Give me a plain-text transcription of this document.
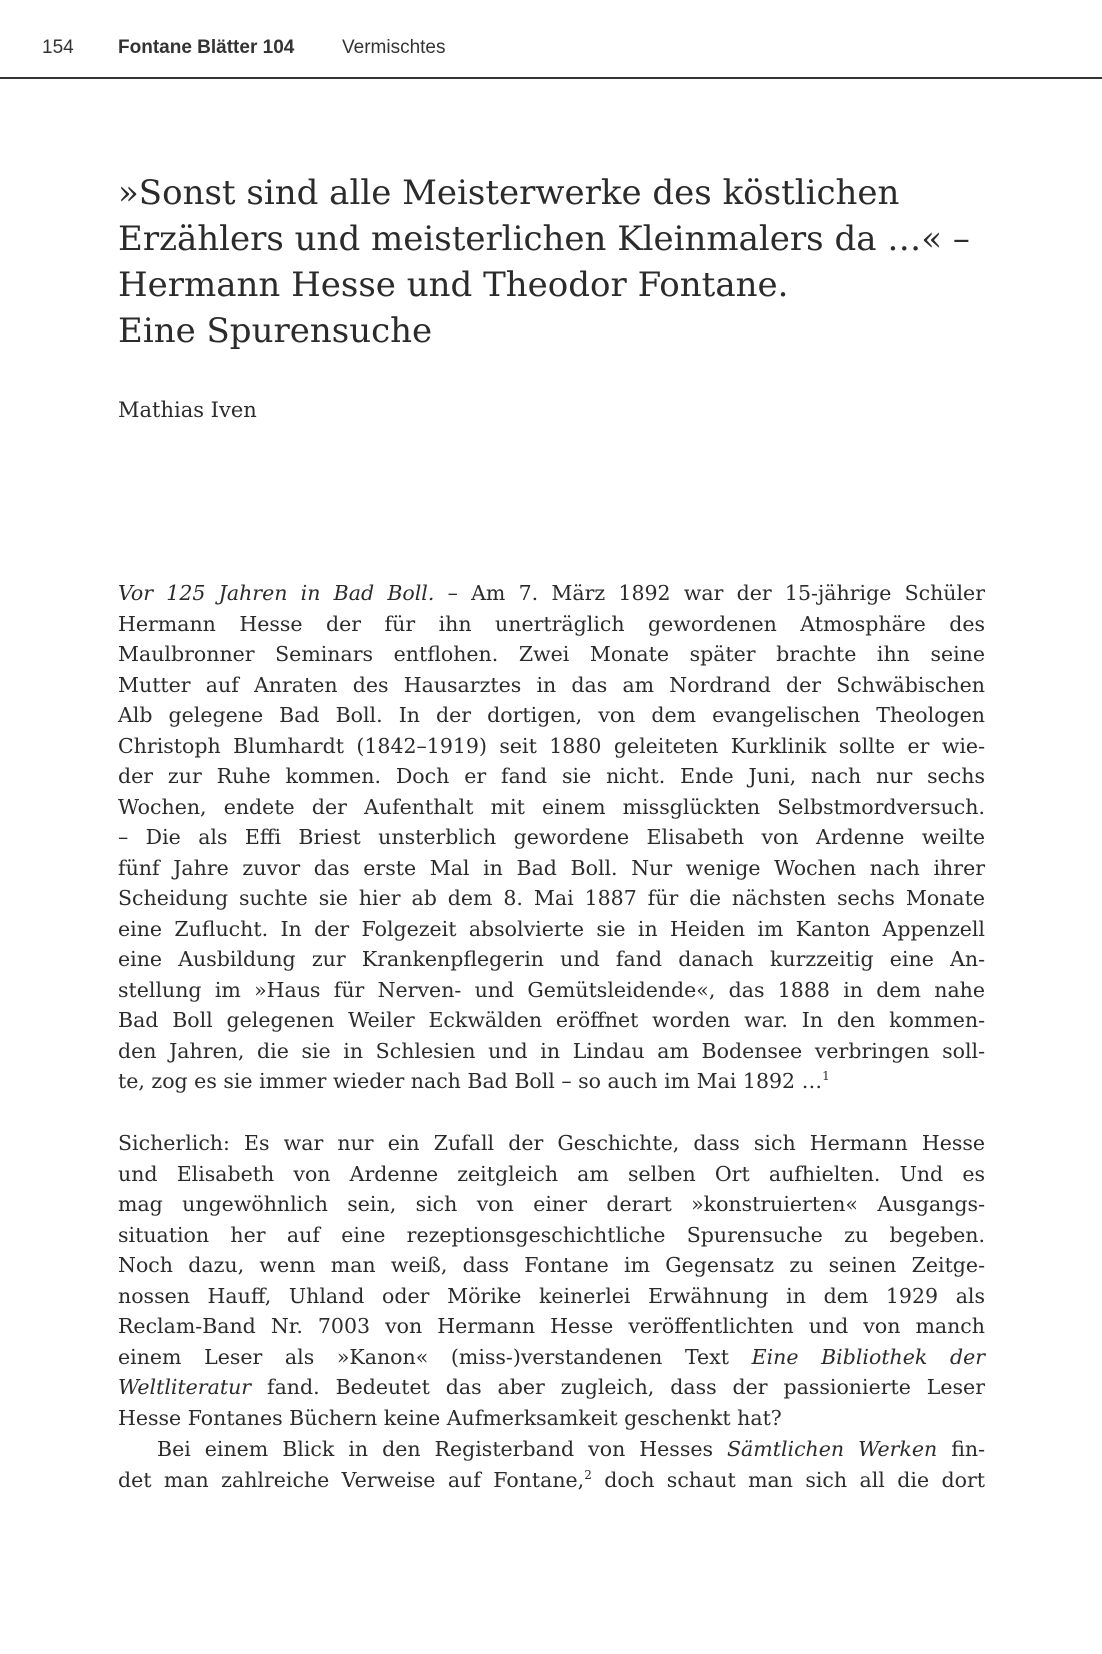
154 Fontane Blätter 104	Vermischtes
»Sonst sind alle Meisterwerke des köstlichen
Erzählers und meisterlichen Kleinmalers da …« –
Hermann Hesse und Theodor Fontane.
Eine Spurensuche

Mathias Iven

Vor 125 Jahren in Bad Boll. – Am 7. März 1892 war der 15-jährige Schüler
Hermann Hesse der für ihn unerträglich gewordenen Atmosphäre des
Maulbronner Seminars entflohen. Zwei Monate später brachte ihn seine
Mutter auf Anraten des Hausarztes in das am Nordrand der Schwäbischen
Alb gelegene Bad Boll. In der dortigen, von dem evangelischen Theologen
Christoph Blumhardt (1842–1919) seit 1880 geleiteten Kurklinik sollte er wie-
der zur Ruhe kommen. Doch er fand sie nicht. Ende Juni, nach nur sechs
Wochen, endete der Aufenthalt mit einem missglückten Selbstmordversuch.
– Die als Effi Briest unsterblich gewordene Elisabeth von Ardenne weilte
fünf Jahre zuvor das erste Mal in Bad Boll. Nur wenige Wochen nach ihrer
Scheidung suchte sie hier ab dem 8. Mai 1887 für die nächsten sechs Monate
eine Zuflucht. In der Folgezeit absolvierte sie in Heiden im Kanton Appenzell
eine Ausbildung zur Krankenpflegerin und fand danach kurzzeitig eine An-
stellung im »Haus für Nerven- und Gemütsleidende«, das 1888 in dem nahe
Bad Boll gelegenen Weiler Eckwälden eröffnet worden war. In den kommen-
den Jahren, die sie in Schlesien und in Lindau am Bodensee verbringen soll-
te, zog es sie immer wieder nach Bad Boll – so auch im Mai 1892 …$^1$
Sicherlich: Es war nur ein Zufall der Geschichte, dass sich Hermann Hesse
und Elisabeth von Ardenne zeitgleich am selben Ort aufhielten. Und es
mag ungewöhnlich sein, sich von einer derart »konstruierten« Ausgangs-
situation her auf eine rezeptionsgeschichtliche Spurensuche zu begeben.
Noch dazu, wenn man weiß, dass Fontane im Gegensatz zu seinen Zeitge-
nossen Hauff, Uhland oder Mörike keinerlei Erwähnung in dem 1929 als
Reclam-Band Nr. 7003 von Hermann Hesse veröffentlichten und von manch
einem Leser als »Kanon« (miss-)verstandenen Text Eine Bibliothek der
Weltliteratur fand. Bedeutet das aber zugleich, dass der passionierte Leser
Hesse Fontanes Büchern keine Aufmerksamkeit geschenkt hat?
Bei einem Blick in den Registerband von Hesses Sämtlichen Werken fin-
det man zahlreiche Verweise auf Fontane,$^2$ doch schaut man sich all die dort
